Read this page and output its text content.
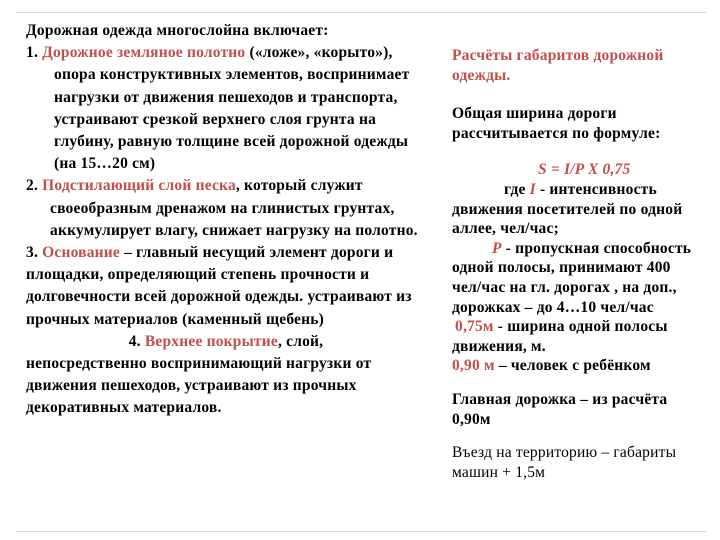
Дорожная одежда многослойна включает:

1. Дорожное земляное полотно («ложе», «корыто»), опора конструктивных элементов, воспринимает нагрузки от движения пешеходов и транспорта, устраивают срезкой верхнего слоя грунта на глубину, равную толщине всей дорожной одежды (на 15…20 см)

2. Подстилающий слой песка, который служит своеобразным дренажом на глинистых грунтах, аккумулирует влагу, снижает нагрузку на полотно.

3. Основание – главный несущий элемент дороги и площадки, определяющий степень прочности и долговечности всей дорожной одежды. устраивают из прочных материалов (каменный щебень)

4. Верхнее покрытие, слой,

непосредственно воспринимающий нагрузки от движения пешеходов, устраивают из прочных декоративных материалов.

Расчёты габаритов дорожной одежды.

Общая ширина дороги рассчитывается по формуле:

S = I/P X 0,75

где I - интенсивность движения посетителей по одной аллее, чел/час;

P - пропускная способность одной полосы, принимают 400 чел/час на гл. дорогах , на доп., дорожках – до 4…10 чел/час

0,75м - ширина одной полосы движения, м.

0,90 м – человек с ребёнком

Главная дорожка – из расчёта 0,90м

Въезд на территорию – габариты машин + 1,5м
